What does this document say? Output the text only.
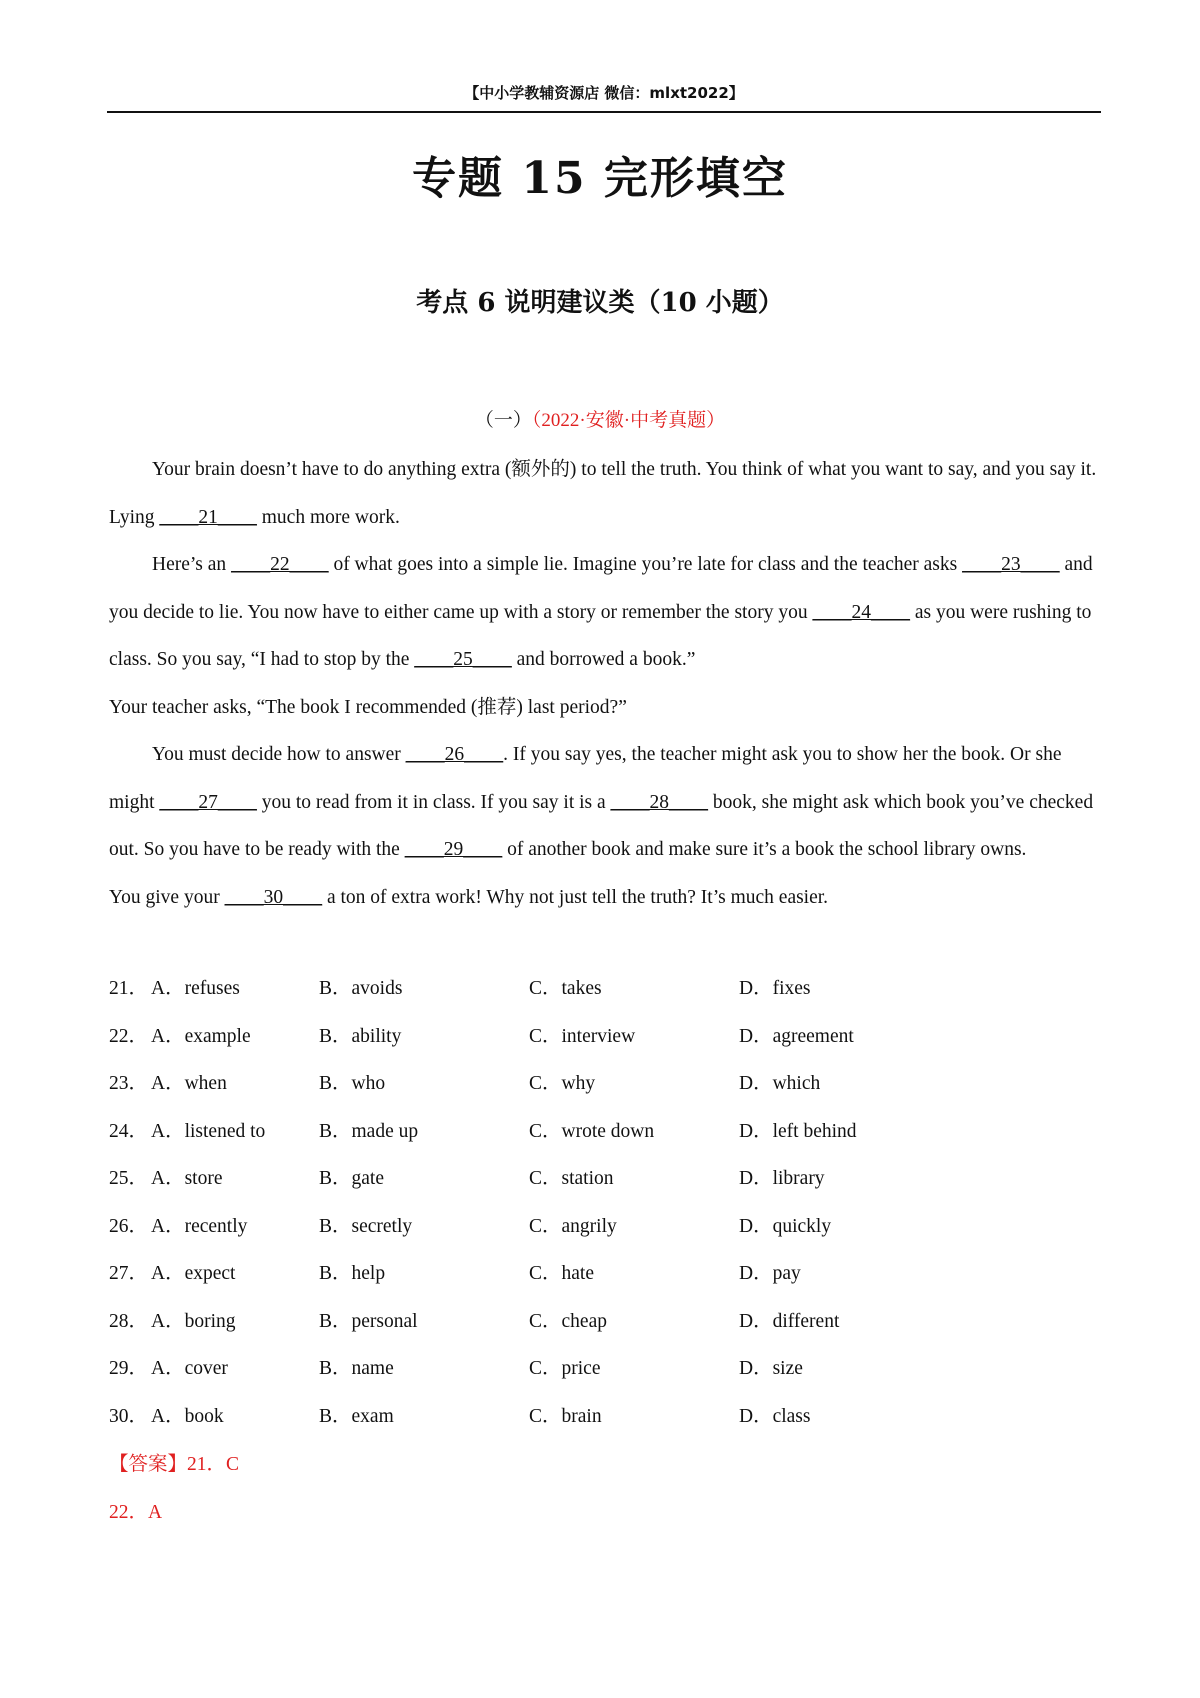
【中小学教辅资源店 微信：mlxt2022】
专题 15 完形填空
考点 6 说明建议类（10 小题）
（一）（2022·安徽·中考真题）

Your brain doesn’t have to do anything extra (额外的) to tell the truth. You think of what you want to say, and you say it. Lying ____21____ much more work.

Here’s an ____22____ of what goes into a simple lie. Imagine you’re late for class and the teacher asks ____23____ and you decide to lie. You now have to either came up with a story or remember the story you ____24____ as you were rushing to class. So you say, “I had to stop by the ____25____ and borrowed a book.”

Your teacher asks, “The book I recommended (推荐) last period?”

You must decide how to answer ____26____. If you say yes, the teacher might ask you to show her the book. Or she might ____27____ you to read from it in class. If you say it is a ____28____ book, she might ask which book you’ve checked out. So you have to be ready with the ____29____ of another book and make sure it’s a book the school library owns.

You give your ____30____ a ton of extra work! Why not just tell the truth? It’s much easier.

21． A．refuses	B．avoids	C．takes	D．fixes
22． A．example	B．ability	C．interview	D．agreement
23． A．when	B．who	C．why	D．which
24． A．listened to	B．made up	C．wrote down	D．left behind
25． A．store	B．gate	C．station	D．library
26． A．recently	B．secretly	C．angrily	D．quickly
27． A．expect	B．help	C．hate	D．pay
28． A．boring	B．personal	C．cheap	D．different
29． A．cover	B．name	C．price	D．size
30． A．book	B．exam	C．brain	D．class
【答案】21．C
22．A
